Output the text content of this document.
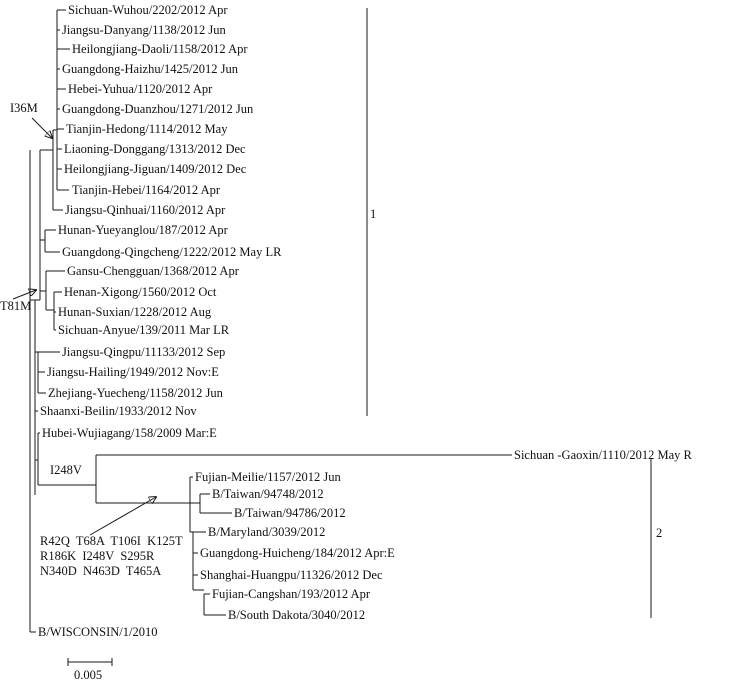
Sichuan-Wuhou/2202/2012 Apr
Jiangsu-Danyang/1138/2012 Jun
Heilongjiang-Daoli/1158/2012 Apr
Guangdong-Haizhu/1425/2012 Jun
Hebei-Yuhua/1120/2012 Apr
Guangdong-Duanzhou/1271/2012 Jun
Tianjin-Hedong/1114/2012 May
Liaoning-Donggang/1313/2012 Dec
Heilongjiang-Jiguan/1409/2012 Dec
Tianjin-Hebei/1164/2012 Apr
Jiangsu-Qinhuai/1160/2012 Apr
Hunan-Yueyanglou/187/2012 Apr
Guangdong-Qingcheng/1222/2012 May LR
Gansu-Chengguan/1368/2012 Apr
Henan-Xigong/1560/2012 Oct
Hunan-Suxian/1228/2012 Aug
Sichuan-Anyue/139/2011 Mar LR
Jiangsu-Qingpu/11133/2012 Sep
Jiangsu-Hailing/1949/2012 Nov:E
Zhejiang-Yuecheng/1158/2012 Jun
Shaanxi-Beilin/1933/2012 Nov
Hubei-Wujiagang/158/2009 Mar:E
Sichuan -Gaoxin/1110/2012 May R
Fujian-Meilie/1157/2012 Jun
B/Taiwan/94748/2012
B/Taiwan/94786/2012
B/Maryland/3039/2012
Guangdong-Huicheng/184/2012 Apr:E
Shanghai-Huangpu/11326/2012 Dec
Fujian-Cangshan/193/2012 Apr
B/South Dakota/3040/2012
B/WISCONSIN/1/2010
I36M
T81M
I248V
R42Q  T68A  T106I  K125T
R186K  I248V  S295R
N340D  N463D  T465A
1
2
0.005
